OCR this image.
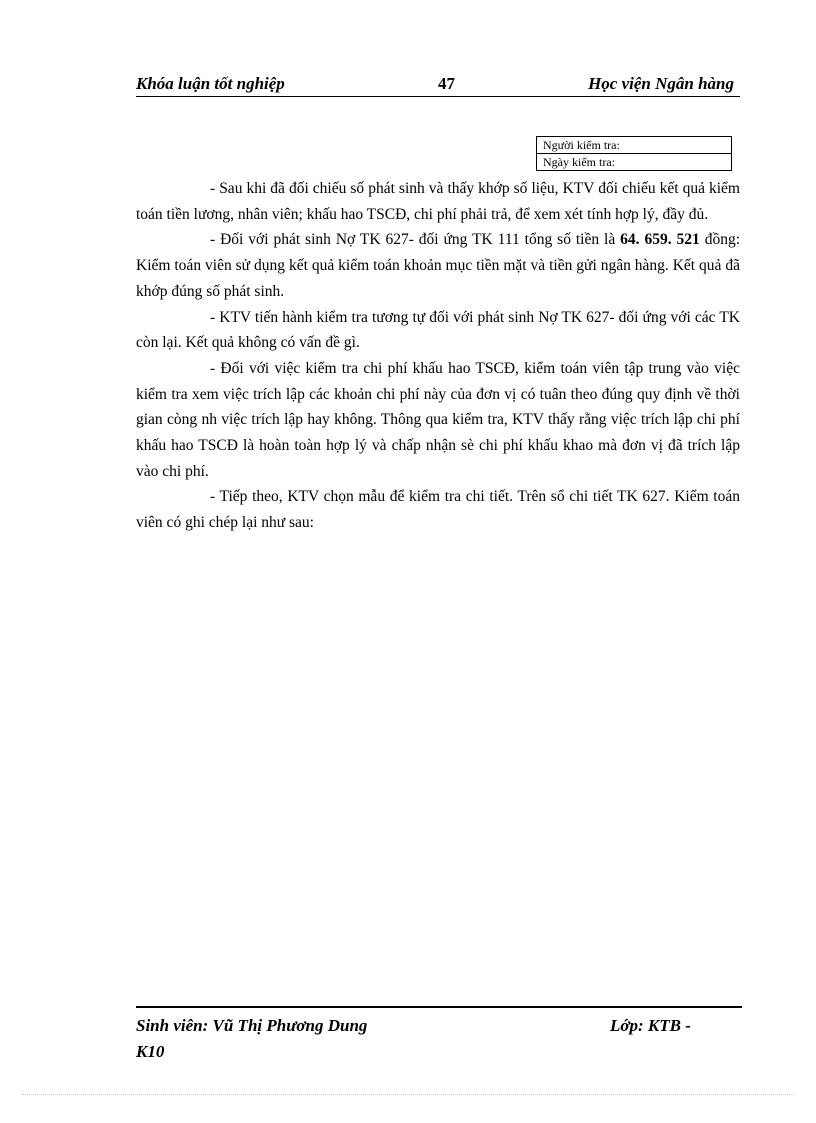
Khóa luận tốt nghiệp	47	Học viện Ngân hàng
Người kiểm tra:
Ngày kiểm tra:

- Sau khi đã đối chiếu số phát sinh và thấy khớp số liệu, KTV đối chiếu kết quả kiểm toán tiền lương, nhân viên; khấu hao TSCĐ, chi phí phải trả, để xem xét tính hợp lý, đầy đủ.

- Đối với phát sinh Nợ TK 627- đối ứng TK 111 tổng số tiền là 64. 659. 521 đồng: Kiểm toán viên sử dụng kết quả kiểm toán khoản mục tiền mặt và tiền gửi ngân hàng. Kết quả đã khớp đúng số phát sinh.

- KTV tiến hành kiểm tra tương tự đối với phát sinh Nợ TK 627- đối ứng với các TK còn lại. Kết quả không có vấn đề gì.

- Đối với việc kiểm tra chi phí khấu hao TSCĐ, kiểm toán viên tập trung vào việc kiểm tra xem việc trích lập các khoản chi phí này của đơn vị có tuân theo đúng quy định về thời gian còng nh việc trích lập hay không. Thông qua kiểm tra, KTV thấy rằng việc trích lập chi phí khấu hao TSCĐ là hoàn toàn hợp lý và chấp nhận sè chi phí khấu khao mà đơn vị đã trích lập vào chi phí.

- Tiếp theo, KTV chọn mẫu để kiểm tra chi tiết. Trên sổ chi tiết TK 627. Kiểm toán viên có ghi chép lại như sau:

Sinh viên: Vũ Thị Phương Dung	Lớp: KTB -
K10
